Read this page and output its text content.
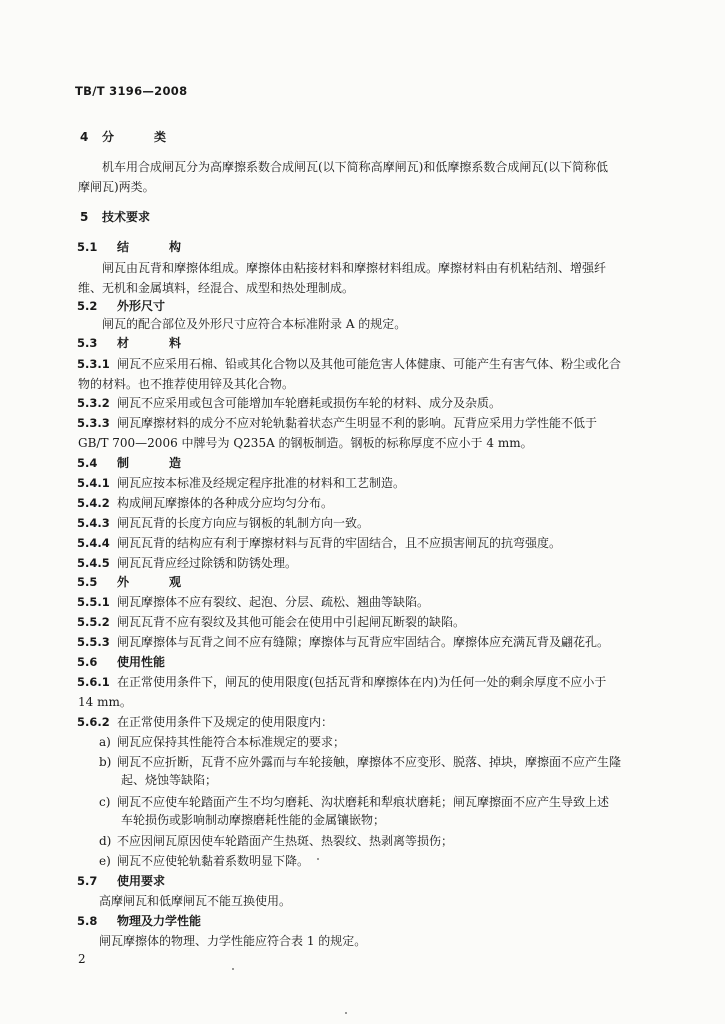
TB/T 3196—2008
4 分　类
机车用合成闸瓦分为高摩擦系数合成闸瓦(以下简称高摩闸瓦)和低摩擦系数合成闸瓦(以下简称低
摩闸瓦)两类。
5 技术要求
5.1 结　构
闸瓦由瓦背和摩擦体组成。摩擦体由粘接材料和摩擦材料组成。摩擦材料由有机粘结剂、增强纤
维、无机和金属填料，经混合、成型和热处理制成。
5.2 外形尺寸
闸瓦的配合部位及外形尺寸应符合本标准附录 A 的规定。
5.3 材　料
5.3.1 闸瓦不应采用石棉、铅或其化合物以及其他可能危害人体健康、可能产生有害气体、粉尘或化合
物的材料。也不推荐使用锌及其化合物。
5.3.2 闸瓦不应采用或包含可能增加车轮磨耗或损伤车轮的材料、成分及杂质。
5.3.3 闸瓦摩擦材料的成分不应对轮轨黏着状态产生明显不利的影响。瓦背应采用力学性能不低于
GB/T 700—2006 中牌号为 Q235A 的钢板制造。钢板的标称厚度不应小于 4 mm。
5.4 制　造
5.4.1 闸瓦应按本标准及经规定程序批准的材料和工艺制造。
5.4.2 构成闸瓦摩擦体的各种成分应均匀分布。
5.4.3 闸瓦瓦背的长度方向应与钢板的轧制方向一致。
5.4.4 闸瓦瓦背的结构应有利于摩擦材料与瓦背的牢固结合，且不应损害闸瓦的抗弯强度。
5.4.5 闸瓦瓦背应经过除锈和防锈处理。
5.5 外　观
5.5.1 闸瓦摩擦体不应有裂纹、起泡、分层、疏松、翘曲等缺陷。
5.5.2 闸瓦瓦背不应有裂纹及其他可能会在使用中引起闸瓦断裂的缺陷。
5.5.3 闸瓦摩擦体与瓦背之间不应有缝隙；摩擦体与瓦背应牢固结合。摩擦体应充满瓦背及翩花孔。
5.6 使用性能
5.6.1 在正常使用条件下，闸瓦的使用限度(包括瓦背和摩擦体在内)为任何一处的剩余厚度不应小于
14 mm。
5.6.2 在正常使用条件下及规定的使用限度内：
a) 闸瓦应保持其性能符合本标准规定的要求；
b) 闸瓦不应折断，瓦背不应外露而与车轮接触，摩擦体不应变形、脱落、掉块，摩擦面不应产生隆
起、烧蚀等缺陷；
c) 闸瓦不应使车轮踏面产生不均匀磨耗、沟状磨耗和犁痕状磨耗；闸瓦摩擦面不应产生导致上述
车轮损伤或影响制动摩擦磨耗性能的金属镶嵌物；
d) 不应因闸瓦原因使车轮踏面产生热斑、热裂纹、热剥离等损伤；
e) 闸瓦不应使轮轨黏着系数明显下降。
5.7 使用要求
高摩闸瓦和低摩闸瓦不能互换使用。
5.8 物理及力学性能
闸瓦摩擦体的物理、力学性能应符合表 1 的规定。
2
